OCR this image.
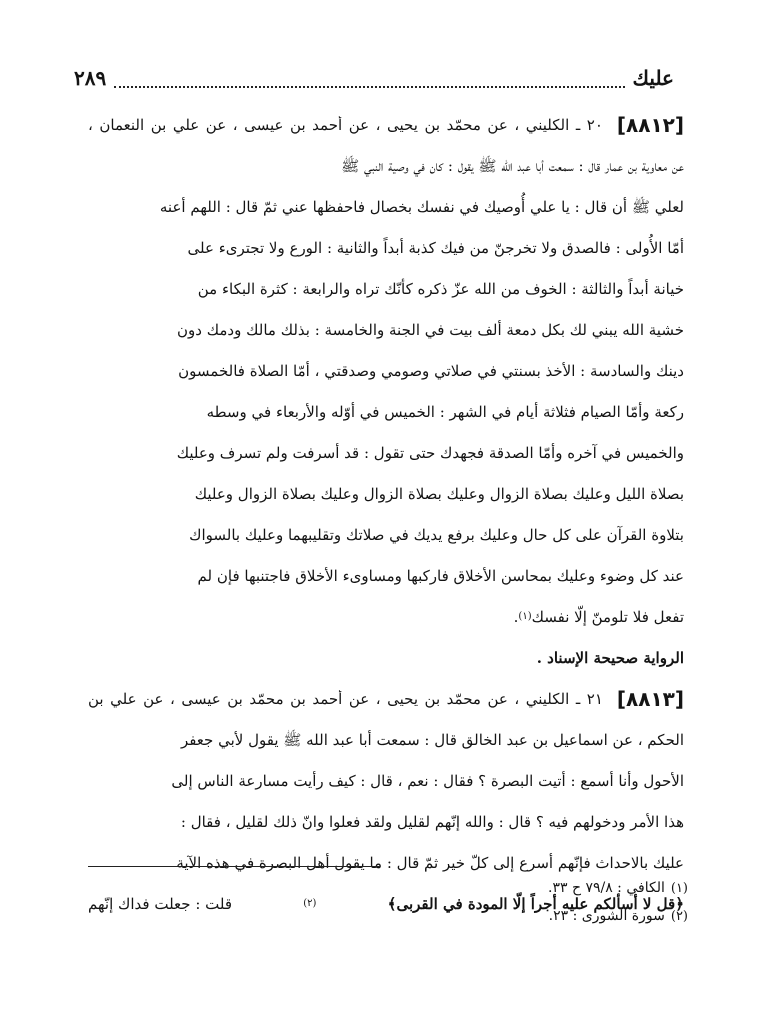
عليك
٢٨٩
[٨٨١٢]
٢٠ ـ الكليني ، عن محمّد بن يحيى ، عن أحمد بن عيسى ، عن علي بن النعمان ،
عن معاوية بن عمار قال : سمعت أبا عبد الله ﷺ يقول : كان في وصية النبي ﷺ
لعلي ﷺ أن قال : يا علي أُوصيك في نفسك بخصال فاحفظها عني ثمّ قال : اللهم أعنه
أمّا الأُولى : فالصدق ولا تخرجنّ من فيك كذبة أبداً والثانية : الورع ولا تجترىء على
خيانة أبداً والثالثة : الخوف من الله عزّ ذكره كأنّك تراه والرابعة : كثرة البكاء من
خشية الله يبني لك بكل دمعة ألف بيت في الجنة والخامسة : بذلك مالك ودمك دون
دينك والسادسة : الأخذ بسنتي في صلاتي وصومي وصدقتي ، أمّا الصلاة فالخمسون
ركعة وأمّا الصيام فثلاثة أيام في الشهر : الخميس في أوّله والأربعاء في وسطه
والخميس في آخره وأمّا الصدقة فجهدك حتى تقول : قد أسرفت ولم تسرف وعليك
بصلاة الليل وعليك بصلاة الزوال وعليك بصلاة الزوال وعليك بصلاة الزوال وعليك
بتلاوة القرآن على كل حال وعليك برفع يديك في صلاتك وتقليبهما وعليك بالسواك
عند كل وضوء وعليك بمحاسن الأخلاق فاركبها ومساوىء الأخلاق فاجتنبها فإن لم
تفعل فلا تلومنّ إلّا نفسك
(١)
.
الرواية صحيحة الإسناد .
[٨٨١٣]
٢١ ـ الكليني ، عن محمّد بن يحيى ، عن أحمد بن محمّد بن عيسى ، عن علي بن
الحكم ، عن اسماعيل بن عبد الخالق قال : سمعت أبا عبد الله ﷺ يقول لأبي جعفر
الأحول وأنا أسمع : أتيت البصرة ؟ فقال : نعم ، قال : كيف رأيت مسارعة الناس إلى
هذا الأمر ودخولهم فيه ؟ قال : والله إنّهم لقليل ولقد فعلوا وانّ ذلك لقليل ، فقال :
عليك بالاحداث فإنّهم أسرع إلى كلّ خير ثمّ قال : ما يقول أهل البصرة في هذه الآية
﴿قل لا أسألكم عليه أجراً إلّا المودة في القربى﴾
(٢)
قلت : جعلت فداك إنّهم
(١)
الكافي : ٧٩/٨ ح ٣٣.
(٢)
سورة الشورى : ٢٣.
